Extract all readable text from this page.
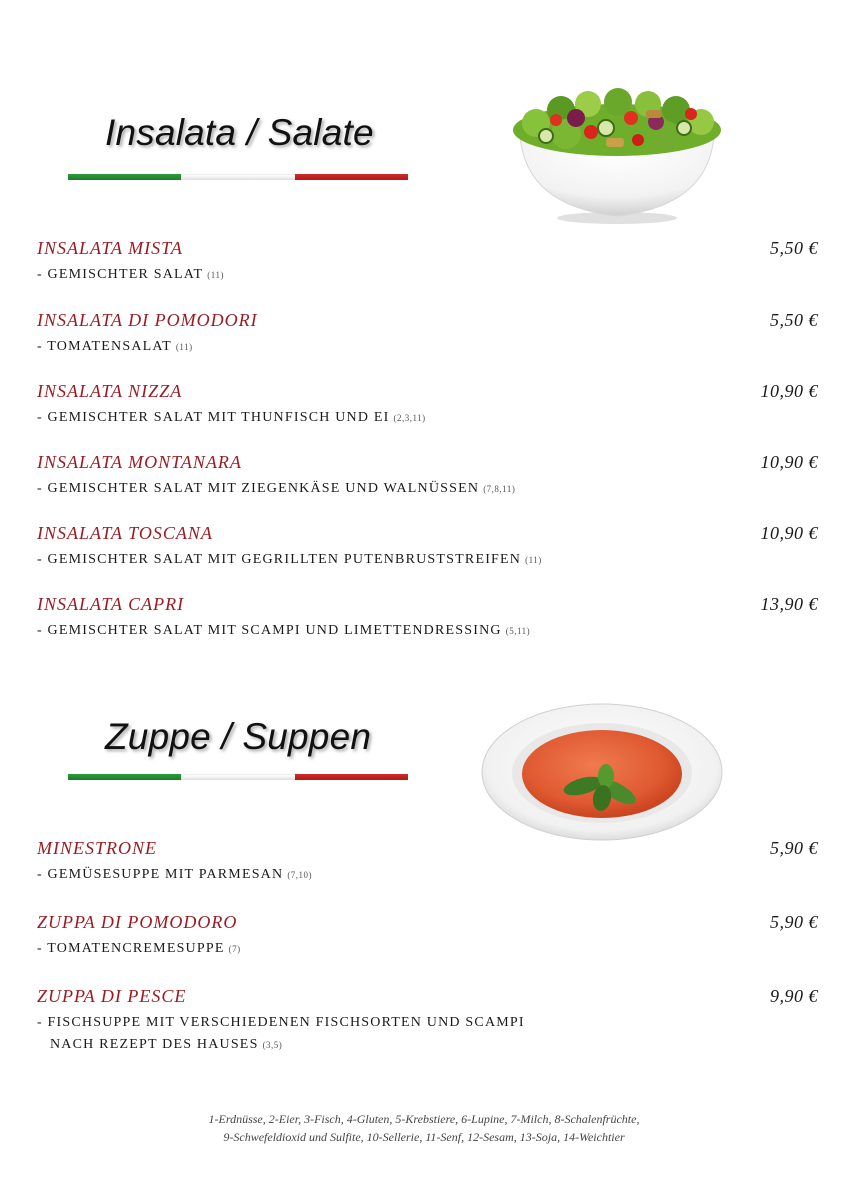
Insalata / Salate
INSALATA MISTA	5,50 €
- GEMISCHTER SALAT (11)
INSALATA DI POMODORI	5,50 €
- TOMATENSALAT (11)
INSALATA NIZZA	10,90 €
- GEMISCHTER SALAT MIT THUNFISCH UND EI (2,3,11)
INSALATA MONTANARA	10,90 €
- GEMISCHTER SALAT MIT ZIEGENKÄSE UND WALNÜSSEN (7,8,11)
INSALATA TOSCANA	10,90 €
- GEMISCHTER SALAT MIT GEGRILLTEN PUTENBRUSTSTREIFEN (11)
INSALATA CAPRI	13,90 €
- GEMISCHTER SALAT MIT SCAMPI UND LIMETTENDRESSING (5,11)
Zuppe / Suppen
MINESTRONE	5,90 €
- GEMÜSESUPPE MIT PARMESAN (7,10)
ZUPPA DI POMODORO	5,90 €
- TOMATENCREMESUPPE (7)
ZUPPA DI PESCE	9,90 €
- FISCHSUPPE MIT VERSCHIEDENEN FISCHSORTEN UND SCAMPI
NACH REZEPT DES HAUSES (3,5)
1-Erdnüsse, 2-Eier, 3-Fisch, 4-Gluten, 5-Krebstiere, 6-Lupine, 7-Milch, 8-Schalenfrüchte,
9-Schwefeldioxid und Sulfite, 10-Sellerie, 11-Senf, 12-Sesam, 13-Soja, 14-Weichtier
